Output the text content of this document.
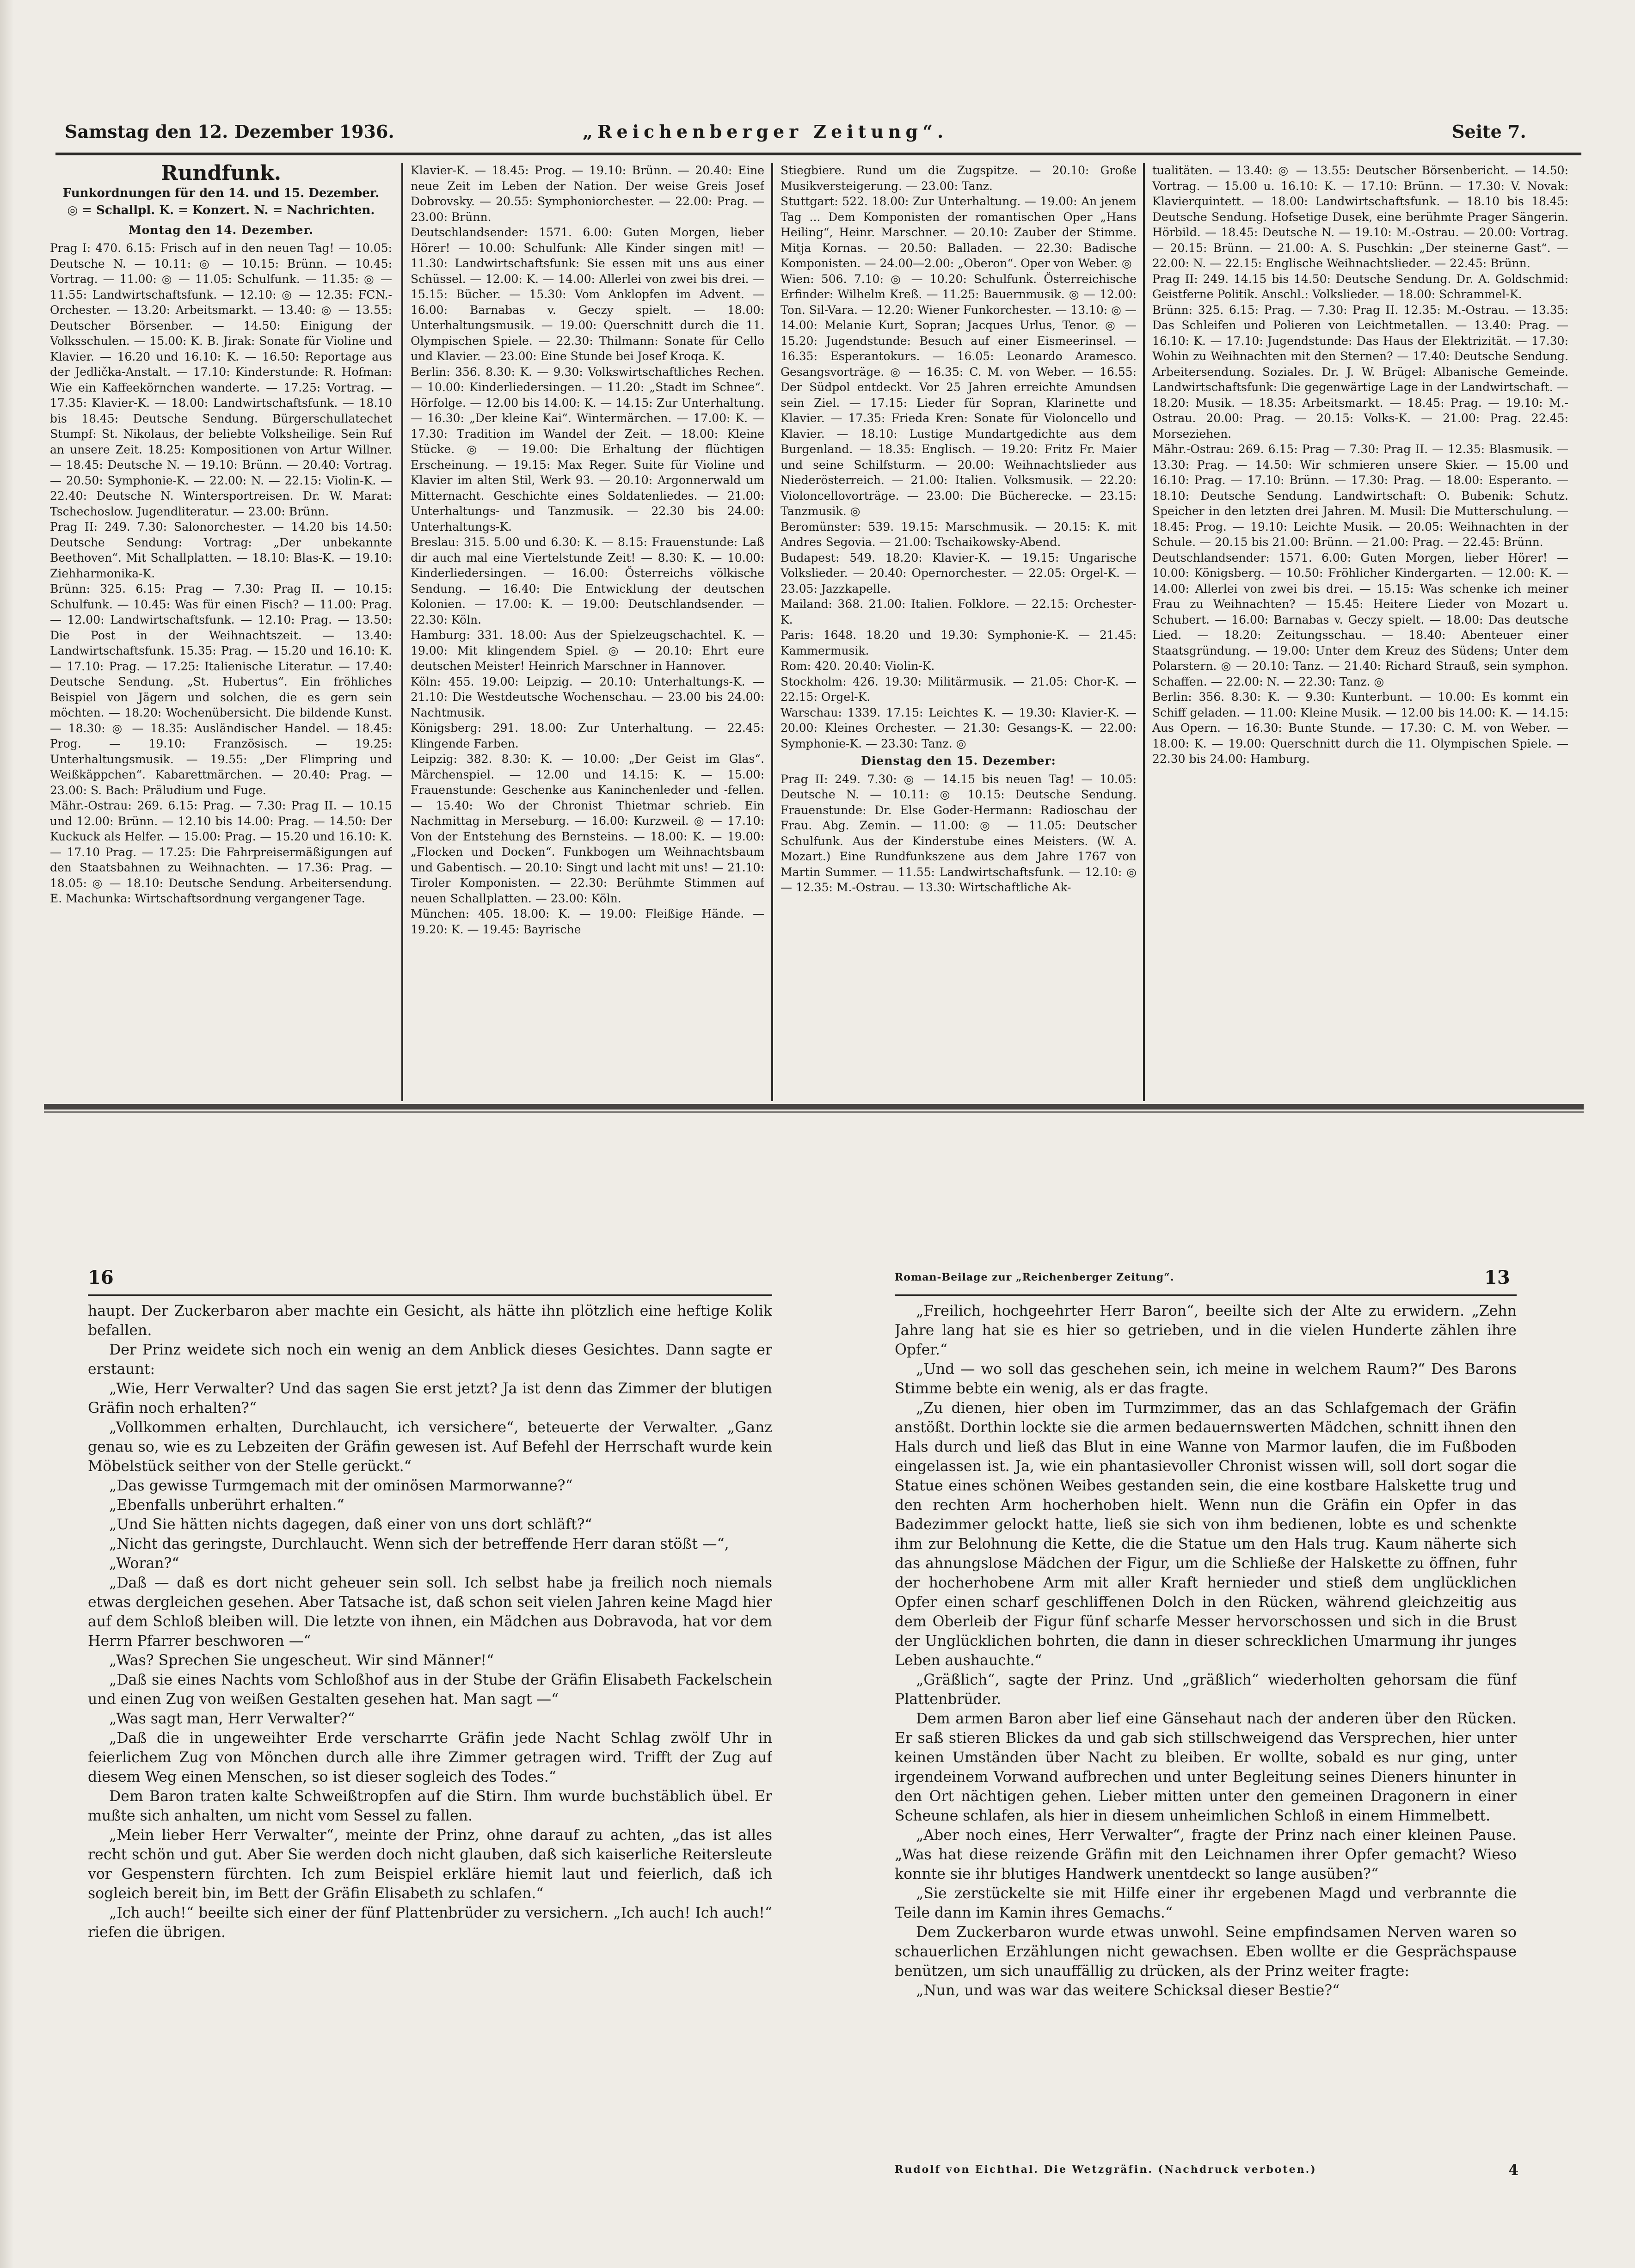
Samstag den 12. Dezember 1936.	„Reichenberger Zeitung“.	Seite 7.
Rundfunk.
Funkordnungen für den 14. und 15. Dezember.
◎ = Schallpl. K. = Konzert. N. = Nachrichten.
Montag den 14. Dezember.

Prag I: 470. 6.15: Frisch auf in den neuen Tag! — 10.05: Deutsche N. — 10.11: ◎ — 10.15: Brünn. — 10.45: Vortrag. — 11.00: ◎ — 11.05: Schulfunk. — 11.35: ◎ — 11.55: Landwirtschaftsfunk. — 12.10: ◎ — 12.35: FCN.-Orchester. — 13.20: Arbeitsmarkt. — 13.40: ◎ — 13.55: Deutscher Börsenber. — 14.50: Einigung der Volksschulen. — 15.00: K. B. Jirak: Sonate für Violine und Klavier. — 16.20 und 16.10: K. — 16.50: Reportage aus der Jedlička-Anstalt. — 17.10: Kinderstunde: R. Hofman: Wie ein Kaffeekörnchen wanderte. — 17.25: Vortrag. — 17.35: Klavier-K. — 18.00: Landwirtschaftsfunk. — 18.10 bis 18.45: Deutsche Sendung. Bürgerschullatechet Stumpf: St. Nikolaus, der beliebte Volksheilige. Sein Ruf an unsere Zeit. 18.25: Kompositionen von Artur Willner. — 18.45: Deutsche N. — 19.10: Brünn. — 20.40: Vortrag. — 20.50: Symphonie-K. — 22.00: N. — 22.15: Violin-K. — 22.40: Deutsche N. Wintersportreisen. Dr. W. Marat: Tschechoslow. Jugendliteratur. — 23.00: Brünn.

Prag II: 249. 7.30: Salonorchester. — 14.20 bis 14.50: Deutsche Sendung: Vortrag: „Der unbekannte Beethoven“. Mit Schallplatten. — 18.10: Blas-K. — 19.10: Ziehharmonika-K.

Brünn: 325. 6.15: Prag — 7.30: Prag II. — 10.15: Schulfunk. — 10.45: Was für einen Fisch? — 11.00: Prag. — 12.00: Landwirtschaftsfunk. — 12.10: Prag. — 13.50: Die Post in der Weihnachtszeit. — 13.40: Landwirtschaftsfunk. 15.35: Prag. — 15.20 und 16.10: K. — 17.10: Prag. — 17.25: Italienische Literatur. — 17.40: Deutsche Sendung. „St. Hubertus“. Ein fröhliches Beispiel von Jägern und solchen, die es gern sein möchten. — 18.20: Wochenübersicht. Die bildende Kunst. — 18.30: ◎ — 18.35: Ausländischer Handel. — 18.45: Prog. — 19.10: Französisch. — 19.25: Unterhaltungsmusik. — 19.55: „Der Flimpring und Weißkäppchen“. Kabarettmärchen. — 20.40: Prag. — 23.00: S. Bach: Präludium und Fuge.

Mähr.-Ostrau: 269. 6.15: Prag. — 7.30: Prag II. — 10.15 und 12.00: Brünn. — 12.10 bis 14.00: Prag. — 14.50: Der Kuckuck als Helfer. — 15.00: Prag. — 15.20 und 16.10: K. — 17.10 Prag. — 17.25: Die Fahrpreisermäßigungen auf den Staatsbahnen zu Weihnachten. — 17.36: Prag. — 18.05: ◎ — 18.10: Deutsche Sendung. Arbeitersendung. E. Machunka: Wirtschaftsordnung vergangener Tage.

Klavier-K. — 18.45: Prog. — 19.10: Brünn. — 20.40: Eine neue Zeit im Leben der Nation. Der weise Greis Josef Dobrovsky. — 20.55: Symphoniorchester. — 22.00: Prag. — 23.00: Brünn.

Deutschlandsender: 1571. 6.00: Guten Morgen, lieber Hörer! — 10.00: Schulfunk: Alle Kinder singen mit! — 11.30: Landwirtschaftsfunk: Sie essen mit uns aus einer Schüssel. — 12.00: K. — 14.00: Allerlei von zwei bis drei. — 15.15: Bücher. — 15.30: Vom Anklopfen im Advent. — 16.00: Barnabas v. Geczy spielt. — 18.00: Unterhaltungsmusik. — 19.00: Querschnitt durch die 11. Olympischen Spiele. — 22.30: Thilmann: Sonate für Cello und Klavier. — 23.00: Eine Stunde bei Josef Kroqa. K.

Berlin: 356. 8.30: K. — 9.30: Volkswirtschaftliches Rechen. — 10.00: Kinderliedersingen. — 11.20: „Stadt im Schnee“. Hörfolge. — 12.00 bis 14.00: K. — 14.15: Zur Unterhaltung. — 16.30: „Der kleine Kai“. Wintermärchen. — 17.00: K. — 17.30: Tradition im Wandel der Zeit. — 18.00: Kleine Stücke. ◎ — 19.00: Die Erhaltung der flüchtigen Erscheinung. — 19.15: Max Reger. Suite für Violine und Klavier im alten Stil, Werk 93. — 20.10: Argonnerwald um Mitternacht. Geschichte eines Soldatenliedes. — 21.00: Unterhaltungs- und Tanzmusik. — 22.30 bis 24.00: Unterhaltungs-K.

Breslau: 315. 5.00 und 6.30: K. — 8.15: Frauenstunde: Laß dir auch mal eine Viertelstunde Zeit! — 8.30: K. — 10.00: Kinderliedersingen. — 16.00: Österreichs völkische Sendung. — 16.40: Die Entwicklung der deutschen Kolonien. — 17.00: K. — 19.00: Deutschlandsender. — 22.30: Köln.

Hamburg: 331. 18.00: Aus der Spielzeugschachtel. K. — 19.00: Mit klingendem Spiel. ◎ — 20.10: Ehrt eure deutschen Meister! Heinrich Marschner in Hannover.

Köln: 455. 19.00: Leipzig. — 20.10: Unterhaltungs-K. — 21.10: Die Westdeutsche Wochenschau. — 23.00 bis 24.00: Nachtmusik.

Königsberg: 291. 18.00: Zur Unterhaltung. — 22.45: Klingende Farben.

Leipzig: 382. 8.30: K. — 10.00: „Der Geist im Glas“. Märchenspiel. — 12.00 und 14.15: K. — 15.00: Frauenstunde: Geschenke aus Kaninchenleder und -fellen. — 15.40: Wo der Chronist Thietmar schrieb. Ein Nachmittag in Merseburg. — 16.00: Kurzweil. ◎ — 17.10: Von der Entstehung des Bernsteins. — 18.00: K. — 19.00: „Flocken und Docken“. Funkbogen um Weihnachtsbaum und Gabentisch. — 20.10: Singt und lacht mit uns! — 21.10: Tiroler Komponisten. — 22.30: Berühmte Stimmen auf neuen Schallplatten. — 23.00: Köln.

München: 405. 18.00: K. — 19.00: Fleißige Hände. — 19.20: K. — 19.45: Bayrische

Stiegbiere. Rund um die Zugspitze. — 20.10: Große Musikversteigerung. — 23.00: Tanz.

Stuttgart: 522. 18.00: Zur Unterhaltung. — 19.00: An jenem Tag ... Dem Komponisten der romantischen Oper „Hans Heiling“, Heinr. Marschner. — 20.10: Zauber der Stimme. Mitja Kornas. — 20.50: Balladen. — 22.30: Badische Komponisten. — 24.00—2.00: „Oberon“. Oper von Weber. ◎

Wien: 506. 7.10: ◎ — 10.20: Schulfunk. Österreichische Erfinder: Wilhelm Kreß. — 11.25: Bauernmusik. ◎ — 12.00: Ton. Sil-Vara. — 12.20: Wiener Funkorchester. — 13.10: ◎ — 14.00: Melanie Kurt, Sopran; Jacques Urlus, Tenor. ◎ — 15.20: Jugendstunde: Besuch auf einer Eismeerinsel. — 16.35: Esperantokurs. — 16.05: Leonardo Aramesco. Gesangsvorträge. ◎ — 16.35: C. M. von Weber. — 16.55: Der Südpol entdeckt. Vor 25 Jahren erreichte Amundsen sein Ziel. — 17.15: Lieder für Sopran, Klarinette und Klavier. — 17.35: Frieda Kren: Sonate für Violoncello und Klavier. — 18.10: Lustige Mundartgedichte aus dem Burgenland. — 18.35: Englisch. — 19.20: Fritz Fr. Maier und seine Schilfsturm. — 20.00: Weihnachtslieder aus Niederösterreich. — 21.00: Italien. Volksmusik. — 22.20: Violoncellovorträge. — 23.00: Die Bücherecke. — 23.15: Tanzmusik. ◎

Beromünster: 539. 19.15: Marschmusik. — 20.15: K. mit Andres Segovia. — 21.00: Tschaikowsky-Abend.

Budapest: 549. 18.20: Klavier-K. — 19.15: Ungarische Volkslieder. — 20.40: Opernorchester. — 22.05: Orgel-K. — 23.05: Jazzkapelle.

Mailand: 368. 21.00: Italien. Folklore. — 22.15: Orchester-K.

Paris: 1648. 18.20 und 19.30: Symphonie-K. — 21.45: Kammermusik.

Rom: 420. 20.40: Violin-K.

Stockholm: 426. 19.30: Militärmusik. — 21.05: Chor-K. — 22.15: Orgel-K.

Warschau: 1339. 17.15: Leichtes K. — 19.30: Klavier-K. — 20.00: Kleines Orchester. — 21.30: Gesangs-K. — 22.00: Symphonie-K. — 23.30: Tanz. ◎

Dienstag den 15. Dezember:

Prag II: 249. 7.30: ◎ — 14.15 bis neuen Tag! — 10.05: Deutsche N. — 10.11: ◎ 10.15: Deutsche Sendung. Frauenstunde: Dr. Else Goder-Hermann: Radioschau der Frau. Abg. Zemin. — 11.00: ◎ — 11.05: Deutscher Schulfunk. Aus der Kinderstube eines Meisters. (W. A. Mozart.) Eine Rundfunkszene aus dem Jahre 1767 von Martin Summer. — 11.55: Landwirtschaftsfunk. — 12.10: ◎ — 12.35: M.-Ostrau. — 13.30: Wirtschaftliche Ak-

tualitäten. — 13.40: ◎ — 13.55: Deutscher Börsenbericht. — 14.50: Vortrag. — 15.00 u. 16.10: K. — 17.10: Brünn. — 17.30: V. Novak: Klavierquintett. — 18.00: Landwirtschaftsfunk. — 18.10 bis 18.45: Deutsche Sendung. Hofsetige Dusek, eine berühmte Prager Sängerin. Hörbild. — 18.45: Deutsche N. — 19.10: M.-Ostrau. — 20.00: Vortrag. — 20.15: Brünn. — 21.00: A. S. Puschkin: „Der steinerne Gast“. — 22.00: N. — 22.15: Englische Weihnachtslieder. — 22.45: Brünn.

Prag II: 249. 14.15 bis 14.50: Deutsche Sendung. Dr. A. Goldschmid: Geistferne Politik. Anschl.: Volkslieder. — 18.00: Schrammel-K.

Brünn: 325. 6.15: Prag. — 7.30: Prag II. 12.35: M.-Ostrau. — 13.35: Das Schleifen und Polieren von Leichtmetallen. — 13.40: Prag. — 16.10: K. — 17.10: Jugendstunde: Das Haus der Elektrizität. — 17.30: Wohin zu Weihnachten mit den Sternen? — 17.40: Deutsche Sendung. Arbeitersendung. Soziales. Dr. J. W. Brügel: Albanische Gemeinde. Landwirtschaftsfunk: Die gegenwärtige Lage in der Landwirtschaft. — 18.20: Musik. — 18.35: Arbeitsmarkt. — 18.45: Prag. — 19.10: M.-Ostrau. 20.00: Prag. — 20.15: Volks-K. — 21.00: Prag. 22.45: Morseziehen.

Mähr.-Ostrau: 269. 6.15: Prag — 7.30: Prag II. — 12.35: Blasmusik. — 13.30: Prag. — 14.50: Wir schmieren unsere Skier. — 15.00 und 16.10: Prag. — 17.10: Brünn. — 17.30: Prag. — 18.00: Esperanto. — 18.10: Deutsche Sendung. Landwirtschaft: O. Bubenik: Schutz. Speicher in den letzten drei Jahren. M. Musil: Die Mutterschulung. — 18.45: Prog. — 19.10: Leichte Musik. — 20.05: Weihnachten in der Schule. — 20.15 bis 21.00: Brünn. — 21.00: Prag. — 22.45: Brünn.

Deutschlandsender: 1571. 6.00: Guten Morgen, lieber Hörer! — 10.00: Königsberg. — 10.50: Fröhlicher Kindergarten. — 12.00: K. — 14.00: Allerlei von zwei bis drei. — 15.15: Was schenke ich meiner Frau zu Weihnachten? — 15.45: Heitere Lieder von Mozart u. Schubert. — 16.00: Barnabas v. Geczy spielt. — 18.00: Das deutsche Lied. — 18.20: Zeitungsschau. — 18.40: Abenteuer einer Staatsgründung. — 19.00: Unter dem Kreuz des Südens; Unter dem Polarstern. ◎ — 20.10: Tanz. — 21.40: Richard Strauß, sein symphon. Schaffen. — 22.00: N. — 22.30: Tanz. ◎

Berlin: 356. 8.30: K. — 9.30: Kunterbunt. — 10.00: Es kommt ein Schiff geladen. — 11.00: Kleine Musik. — 12.00 bis 14.00: K. — 14.15: Aus Opern. — 16.30: Bunte Stunde. — 17.30: C. M. von Weber. — 18.00: K. — 19.00: Querschnitt durch die 11. Olympischen Spiele. — 22.30 bis 24.00: Hamburg.

16

haupt. Der Zuckerbaron aber machte ein Gesicht, als hätte ihn plötzlich eine heftige Kolik befallen.

Der Prinz weidete sich noch ein wenig an dem Anblick dieses Gesichtes. Dann sagte er erstaunt:

„Wie, Herr Verwalter? Und das sagen Sie erst jetzt? Ja ist denn das Zimmer der blutigen Gräfin noch erhalten?“

„Vollkommen erhalten, Durchlaucht, ich versichere“, beteuerte der Verwalter. „Ganz genau so, wie es zu Lebzeiten der Gräfin gewesen ist. Auf Befehl der Herrschaft wurde kein Möbelstück seither von der Stelle gerückt.“

„Das gewisse Turmgemach mit der ominösen Marmorwanne?“

„Ebenfalls unberührt erhalten.“

„Und Sie hätten nichts dagegen, daß einer von uns dort schläft?“

„Nicht das geringste, Durchlaucht. Wenn sich der betreffende Herr daran stößt —“,

„Woran?“

„Daß — daß es dort nicht geheuer sein soll. Ich selbst habe ja freilich noch niemals etwas dergleichen gesehen. Aber Tatsache ist, daß schon seit vielen Jahren keine Magd hier auf dem Schloß bleiben will. Die letzte von ihnen, ein Mädchen aus Dobravoda, hat vor dem Herrn Pfarrer beschworen —“

„Was? Sprechen Sie ungescheut. Wir sind Männer!“

„Daß sie eines Nachts vom Schloßhof aus in der Stube der Gräfin Elisabeth Fackelschein und einen Zug von weißen Gestalten gesehen hat. Man sagt —“

„Was sagt man, Herr Verwalter?“

„Daß die in ungeweihter Erde verscharrte Gräfin jede Nacht Schlag zwölf Uhr in feierlichem Zug von Mönchen durch alle ihre Zimmer getragen wird. Trifft der Zug auf diesem Weg einen Menschen, so ist dieser sogleich des Todes.“

Dem Baron traten kalte Schweißtropfen auf die Stirn. Ihm wurde buchstäblich übel. Er mußte sich anhalten, um nicht vom Sessel zu fallen.

„Mein lieber Herr Verwalter“, meinte der Prinz, ohne darauf zu achten, „das ist alles recht schön und gut. Aber Sie werden doch nicht glauben, daß sich kaiserliche Reitersleute vor Gespenstern fürchten. Ich zum Beispiel erkläre hiemit laut und feierlich, daß ich sogleich bereit bin, im Bett der Gräfin Elisabeth zu schlafen.“

„Ich auch!“ beeilte sich einer der fünf Plattenbrüder zu versichern. „Ich auch! Ich auch!“ riefen die übrigen.

Roman-Beilage zur „Reichenberger Zeitung“.	13

„Freilich, hochgeehrter Herr Baron“, beeilte sich der Alte zu erwidern. „Zehn Jahre lang hat sie es hier so getrieben, und in die vielen Hunderte zählen ihre Opfer.“

„Und — wo soll das geschehen sein, ich meine in welchem Raum?“ Des Barons Stimme bebte ein wenig, als er das fragte.

„Zu dienen, hier oben im Turmzimmer, das an das Schlafgemach der Gräfin anstößt. Dorthin lockte sie die armen bedauernswerten Mädchen, schnitt ihnen den Hals durch und ließ das Blut in eine Wanne von Marmor laufen, die im Fußboden eingelassen ist. Ja, wie ein phantasievoller Chronist wissen will, soll dort sogar die Statue eines schönen Weibes gestanden sein, die eine kostbare Halskette trug und den rechten Arm hocherhoben hielt. Wenn nun die Gräfin ein Opfer in das Badezimmer gelockt hatte, ließ sie sich von ihm bedienen, lobte es und schenkte ihm zur Belohnung die Kette, die die Statue um den Hals trug. Kaum näherte sich das ahnungslose Mädchen der Figur, um die Schließe der Halskette zu öffnen, fuhr der hocherhobene Arm mit aller Kraft hernieder und stieß dem unglücklichen Opfer einen scharf geschliffenen Dolch in den Rücken, während gleichzeitig aus dem Oberleib der Figur fünf scharfe Messer hervorschossen und sich in die Brust der Unglücklichen bohrten, die dann in dieser schrecklichen Umarmung ihr junges Leben aushauchte.“

„Gräßlich“, sagte der Prinz. Und „gräßlich“ wiederholten gehorsam die fünf Plattenbrüder.

Dem armen Baron aber lief eine Gänsehaut nach der anderen über den Rücken. Er saß stieren Blickes da und gab sich stillschweigend das Versprechen, hier unter keinen Umständen über Nacht zu bleiben. Er wollte, sobald es nur ging, unter irgendeinem Vorwand aufbrechen und unter Begleitung seines Dieners hinunter in den Ort nächtigen gehen. Lieber mitten unter den gemeinen Dragonern in einer Scheune schlafen, als hier in diesem unheimlichen Schloß in einem Himmelbett.

„Aber noch eines, Herr Verwalter“, fragte der Prinz nach einer kleinen Pause. „Was hat diese reizende Gräfin mit den Leichnamen ihrer Opfer gemacht? Wieso konnte sie ihr blutiges Handwerk unentdeckt so lange ausüben?“

„Sie zerstückelte sie mit Hilfe einer ihr ergebenen Magd und verbrannte die Teile dann im Kamin ihres Gemachs.“

Dem Zuckerbaron wurde etwas unwohl. Seine empfindsamen Nerven waren so schauerlichen Erzählungen nicht gewachsen. Eben wollte er die Gesprächspause benützen, um sich unauffällig zu drücken, als der Prinz weiter fragte:

„Nun, und was war das weitere Schicksal dieser Bestie?“

Rudolf von Eichthal. Die Wetzgräfin. (Nachdruck verboten.)	4
